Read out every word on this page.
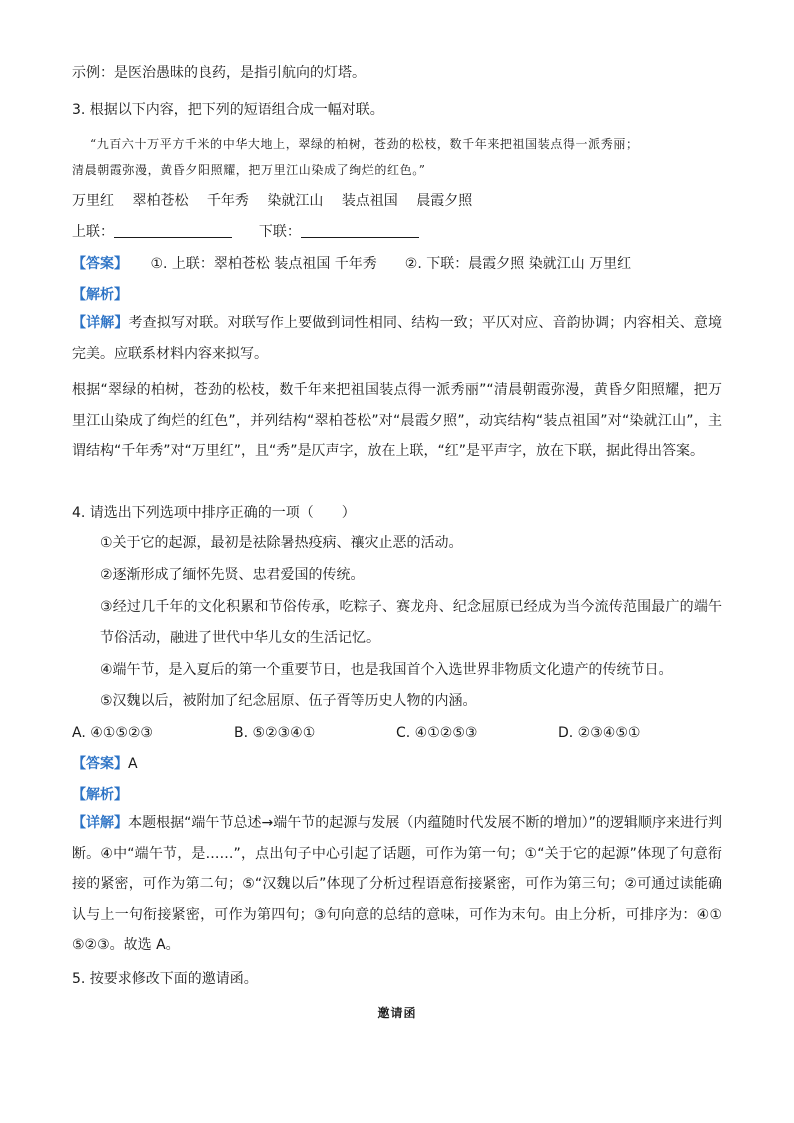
示例：是医治愚昧的良药，是指引航向的灯塔。
3. 根据以下内容，把下列的短语组合成一幅对联。
“九百六十万平方千米的中华大地上，翠绿的柏树，苍劲的松枝，数千年来把祖国装点得一派秀丽；
清晨朝霞弥漫，黄昏夕阳照耀，把万里江山染成了绚烂的红色。”
万里红 翠柏苍松 千年秀 染就江山 装点祖国 晨霞夕照
上联：	下联：
【答案】 ①. 上联：翠柏苍松 装点祖国 千年秀　　②. 下联：晨霞夕照 染就江山 万里红
【解析】
【详解】考查拟写对联。对联写作上要做到词性相同、结构一致；平仄对应、音韵协调；内容相关、意境完美。应联系材料内容来拟写。
根据“翠绿的柏树，苍劲的松枝，数千年来把祖国装点得一派秀丽”“清晨朝霞弥漫，黄昏夕阳照耀，把万里江山染成了绚烂的红色”，并列结构“翠柏苍松”对“晨霞夕照”，动宾结构“装点祖国”对“染就江山”，主谓结构“千年秀”对“万里红”，且“秀”是仄声字，放在上联，“红”是平声字，放在下联，据此得出答案。
4. 请选出下列选项中排序正确的一项（　　）
①关于它的起源，最初是祛除暑热疫病、禳灾止恶的活动。
②逐渐形成了缅怀先贤、忠君爱国的传统。
③经过几千年的文化积累和节俗传承，吃粽子、赛龙舟、纪念屈原已经成为当今流传范围最广的端午节俗活动，融进了世代中华儿女的生活记忆。
④端午节，是入夏后的第一个重要节日，也是我国首个入选世界非物质文化遗产的传统节日。
⑤汉魏以后，被附加了纪念屈原、伍子胥等历史人物的内涵。
A. ④①⑤②③	B. ⑤②③④①	C. ④①②⑤③	D. ②③④⑤①
【答案】A
【解析】
【详解】本题根据“端午节总述→端午节的起源与发展（内蕴随时代发展不断的增加）”的逻辑顺序来进行判断。④中“端午节，是……”，点出句子中心引起了话题，可作为第一句；①“关于它的起源”体现了句意衔接的紧密，可作为第二句；⑤“汉魏以后”体现了分析过程语意衔接紧密，可作为第三句；②可通过读能确认与上一句衔接紧密，可作为第四句；③句向意的总结的意味，可作为末句。由上分析，可排序为：④①⑤②③。故选 A。
5. 按要求修改下面的邀请函。
邀请函
